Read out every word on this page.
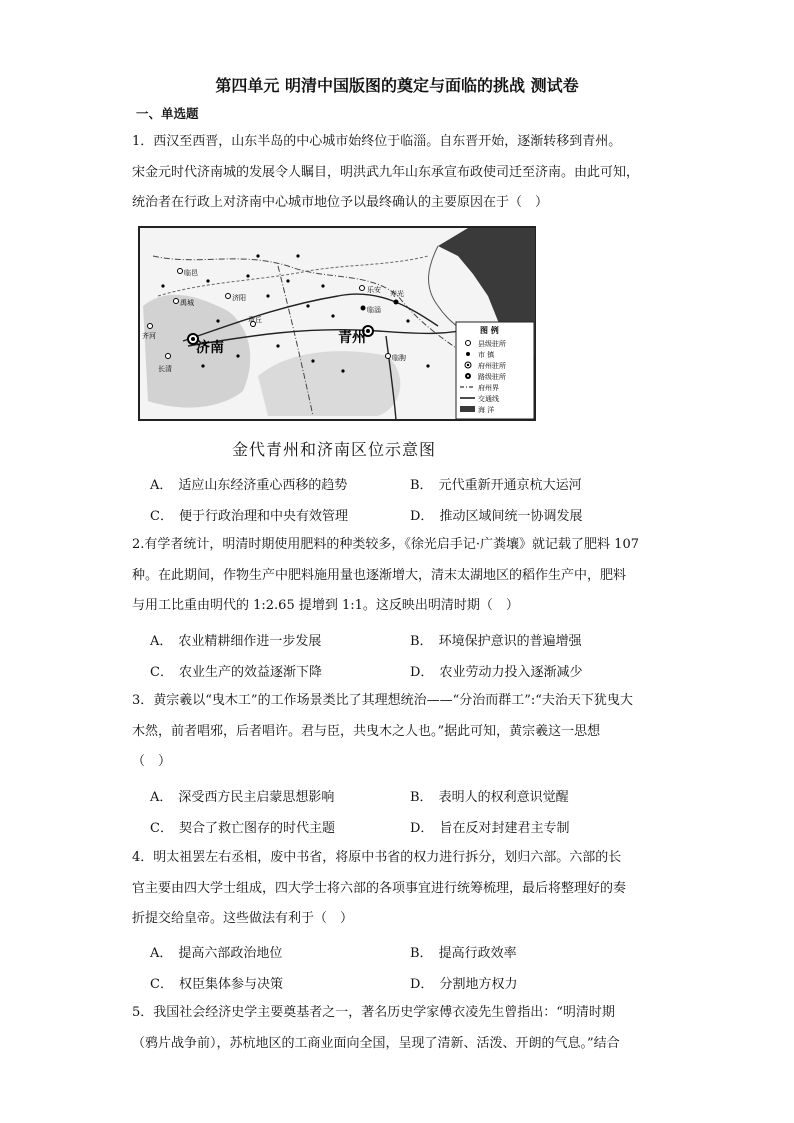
第四单元 明清中国版图的奠定与面临的挑战 测试卷
一、单选题
1．西汉至西晋，山东半岛的中心城市始终位于临淄。自东晋开始，逐渐转移到青州。
宋金元时代济南城的发展令人瞩目，明洪武九年山东承宣布政使司迁至济南。由此可知，
统治者在行政上对济南中心城市地位予以最终确认的主要原因在于（　）
济南
青州
临淄
寿光
乐安
济阳
禹城
临邑
长清
齐河
章丘
临朐
图 例
县级驻所
市 镇
府州驻所
路级驻所
府州界
交通线
海 洋
金代青州和济南区位示意图
A． 适应山东经济重心西移的趋势	B． 元代重新开通京杭大运河
C． 便于行政治理和中央有效管理	D． 推动区域间统一协调发展
2.有学者统计，明清时期使用肥料的种类较多，《徐光启手记·广粪壤》就记载了肥料 107
种。在此期间，作物生产中肥料施用量也逐渐增大，清末太湖地区的稻作生产中，肥料
与用工比重由明代的 1:2.65 提增到 1:1。这反映出明清时期（　）
A． 农业精耕细作进一步发展	B． 环境保护意识的普遍增强
C． 农业生产的效益逐渐下降	D． 农业劳动力投入逐渐减少
3．黄宗羲以“曳木工”的工作场景类比了其理想统治——“分治而群工”:“夫治天下犹曳大
木然，前者唱邪，后者唱许。君与臣，共曳木之人也。”据此可知，黄宗羲这一思想
（　）
A． 深受西方民主启蒙思想影响	B． 表明人的权利意识觉醒
C． 契合了救亡图存的时代主题	D． 旨在反对封建君主专制
4．明太祖罢左右丞相，废中书省，将原中书省的权力进行拆分，划归六部。六部的长
官主要由四大学士组成，四大学士将六部的各项事宜进行统筹梳理，最后将整理好的奏
折提交给皇帝。这些做法有利于（　）
A． 提高六部政治地位	B． 提高行政效率
C． 权臣集体参与决策	D． 分割地方权力
5．我国社会经济史学主要奠基者之一，著名历史学家傅衣凌先生曾指出：“明清时期
（鸦片战争前），苏杭地区的工商业面向全国，呈现了清新、活泼、开朗的气息。”结合
